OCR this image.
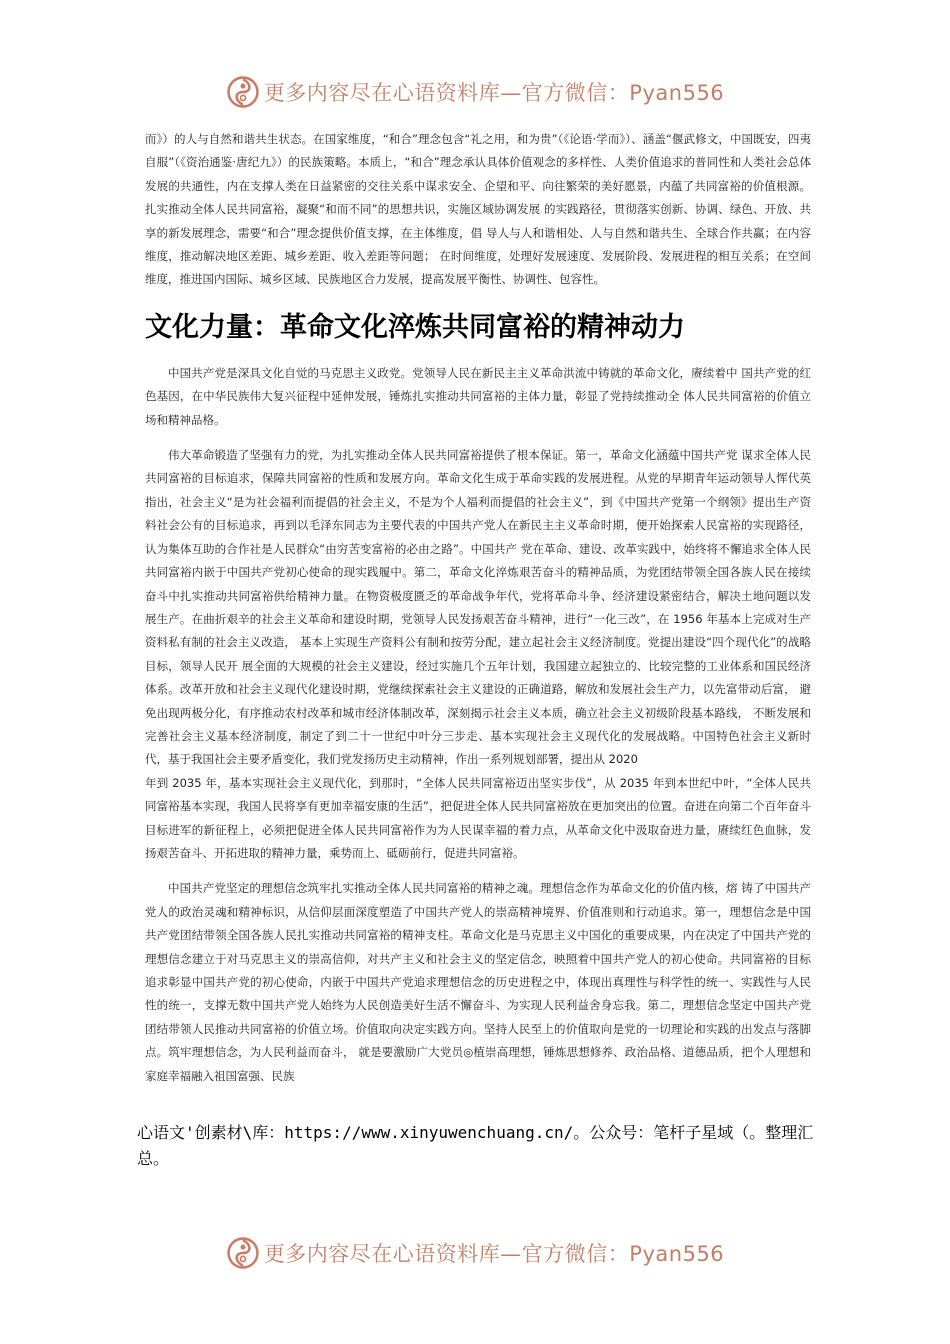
更多内容尽在心语资料库—官方微信：Pyan556

而》）的人与自然和谐共生状态。在国家维度，“和合”理念包含“礼之用，和为贵”（《论语·学而》）、涵盖“偃武修文，中国既安，四夷自服”（《资治通鉴·唐纪九》）的民族策略。本质上，“和合”理念承认具体价值观念的多样性、人类价值追求的普同性和人类社会总体发展的共通性，内在支撑人类在日益紧密的交往关系中谋求安全、企望和平、向往繁荣的美好愿景，内蕴了共同富裕的价值根源。扎实推动全体人民共同富裕，凝聚“和而不同”的思想共识，实施区域协调发展 的实践路径，贯彻落实创新、协调、绿色、开放、共享的新发展理念，需要“和合”理念提供价值支撑，在主体维度，倡 导人与人和谐相处、人与自然和谐共生、全球合作共赢；在内容维度，推动解决地区差距、城乡差距、收入差距等问题； 在时间维度，处理好发展速度、发展阶段、发展进程的相互关系；在空间维度，推进国内国际、城乡区域、民族地区合力发展，提高发展平衡性、协调性、包容性。

文化力量：革命文化淬炼共同富裕的精神动力

中国共产党是深具文化自觉的马克思主义政党。党领导人民在新民主主义革命洪流中铸就的革命文化，赓续着中 国共产党的红色基因，在中华民族伟大复兴征程中延伸发展，锤炼扎实推动共同富裕的主体力量，彰显了党持续推动全 体人民共同富裕的价值立场和精神品格。

伟大革命锻造了坚强有力的党，为扎实推动全体人民共同富裕提供了根本保证。第一，革命文化涵蕴中国共产党 谋求全体人民共同富裕的目标追求，保障共同富裕的性质和发展方向。革命文化生成于革命实践的发展进程。从党的早期青年运动领导人恽代英指出，社会主义“是为社会福利而提倡的社会主义，不是为个人福利而提倡的社会主义”，到《中国共产党第一个纲领》提出生产资料社会公有的目标追求，再到以毛泽东同志为主要代表的中国共产党人在新民主主义革命时期，便开始探索人民富裕的实现路径，认为集体互助的合作社是人民群众“由穷苦变富裕的必由之路”。中国共产 党在革命、建设、改革实践中，始终将不懈追求全体人民共同富裕内嵌于中国共产党初心使命的现实践履中。第二，革命文化淬炼艰苦奋斗的精神品质，为党团结带领全国各族人民在接续奋斗中扎实推动共同富裕供给精神力量。在物资极度匮乏的革命战争年代，党将革命斗争、经济建设紧密结合，解决土地问题以发展生产。在曲折艰辛的社会主义革命和建设时期，党领导人民发扬艰苦奋斗精神，进行“一化三改”，在 1956 年基本上完成对生产资料私有制的社会主义改造， 基本上实现生产资料公有制和按劳分配，建立起社会主义经济制度。党提出建设“四个现代化”的战略目标，领导人民开 展全面的大规模的社会主义建设，经过实施几个五年计划，我国建立起独立的、比较完整的工业体系和国民经济体系。改革开放和社会主义现代化建设时期，党继续探索社会主义建设的正确道路，解放和发展社会生产力，以先富带动后富， 避免出现两极分化，有序推动农村改革和城市经济体制改革，深刻揭示社会主义本质，确立社会主义初级阶段基本路线， 不断发展和完善社会主义基本经济制度，制定了到二十一世纪中叶分三步走、基本实现社会主义现代化的发展战略。中国特色社会主义新时代，基于我国社会主要矛盾变化，我们党发扬历史主动精神，作出一系列规划部署，提出从 2020

年到 2035 年，基本实现社会主义现代化，到那时，“全体人民共同富裕迈出坚实步伐”，从 2035 年到本世纪中叶，“全体人民共同富裕基本实现，我国人民将享有更加幸福安康的生活”，把促进全体人民共同富裕放在更加突出的位置。奋进在向第二个百年奋斗目标进军的新征程上，必须把促进全体人民共同富裕作为为人民谋幸福的着力点，从革命文化中汲取奋进力量，赓续红色血脉，发扬艰苦奋斗、开拓进取的精神力量，乘势而上、砥砺前行，促进共同富裕。

中国共产党坚定的理想信念筑牢扎实推动全体人民共同富裕的精神之魂。理想信念作为革命文化的价值内核，熔 铸了中国共产党人的政治灵魂和精神标识，从信仰层面深度塑造了中国共产党人的崇高精神境界、价值准则和行动追求。第一，理想信念是中国共产党团结带领全国各族人民扎实推动共同富裕的精神支柱。革命文化是马克思主义中国化的重要成果，内在决定了中国共产党的理想信念建立于对马克思主义的崇高信仰，对共产主义和社会主义的坚定信念，映照着中国共产党人的初心使命。共同富裕的目标追求彰显中国共产党的初心使命，内嵌于中国共产党追求理想信念的历史进程之中，体现出真理性与科学性的统一、实践性与人民性的统一，支撑无数中国共产党人始终为人民创造美好生活不懈奋斗、为实现人民利益舍身忘我。第二，理想信念坚定中国共产党团结带领人民推动共同富裕的价值立场。价值取向决定实践方向。坚持人民至上的价值取向是党的一切理论和实践的出发点与落脚点。筑牢理想信念，为人民利益而奋斗， 就是要激励广大党员◎植崇高理想，锤炼思想修养、政治品格、道德品质，把个人理想和家庭幸福融入祖国富强、民族

心语文'创素材\库：https://www.xinyuwenchuang.cn/。公众号：笔杆子星域（。整理汇总。
更多内容尽在心语资料库—官方微信：Pyan556
